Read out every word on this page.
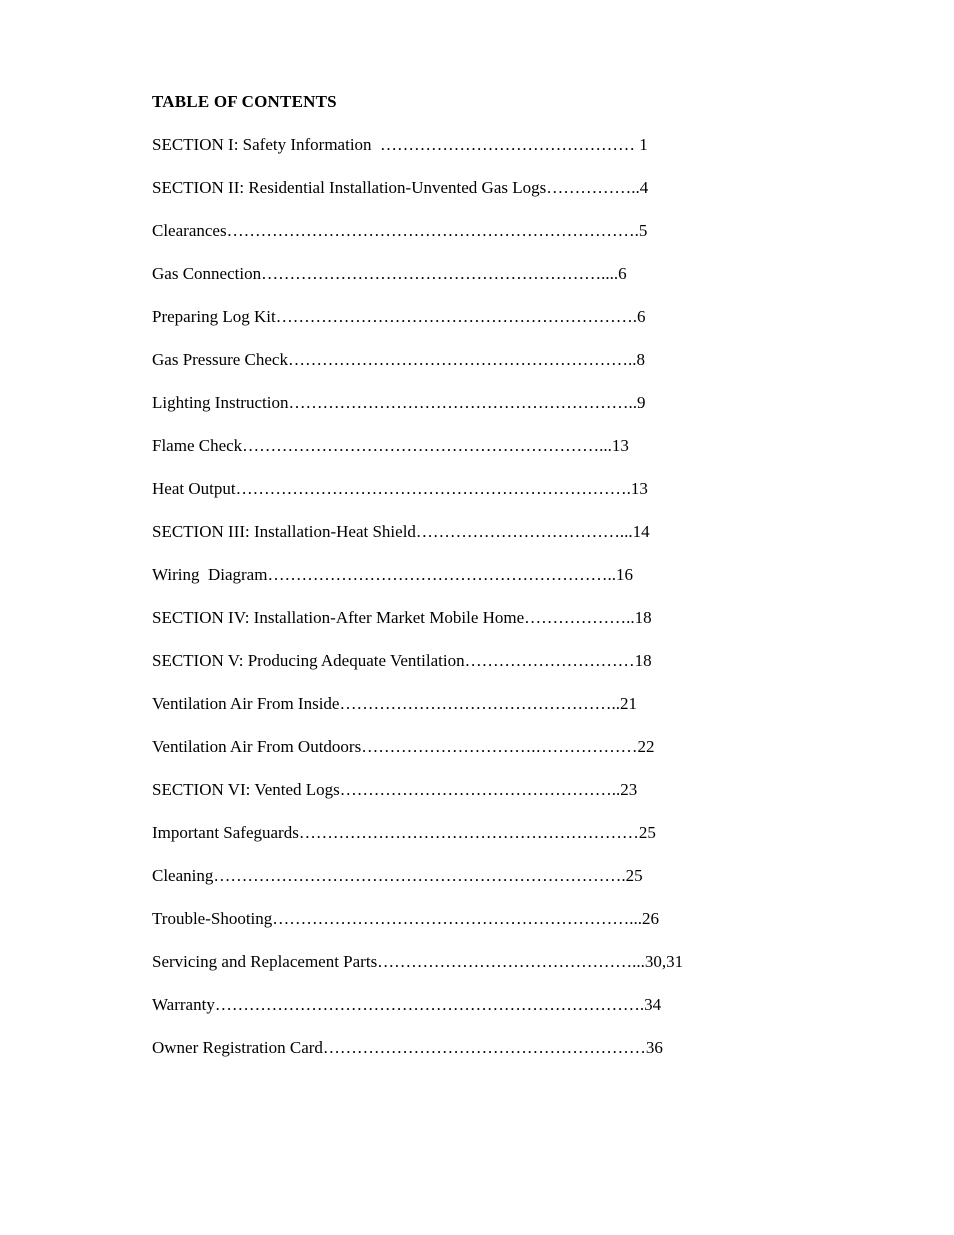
TABLE OF CONTENTS
SECTION I: Safety Information  ……………………………………… 1
SECTION II: Residential Installation-Unvented Gas Logs……………..4
Clearances……………………………………………………………….5
Gas Connection……………………………………………………....6
Preparing Log Kit……………………………………………………….6
Gas Pressure Check……………………………………………………..8
Lighting Instruction……………………………………………………..9
Flame Check………………………………………………………...13
Heat Output…………………………………………………………….13
SECTION III: Installation-Heat Shield………………………………...14
Wiring  Diagram……………………………………………………..16
SECTION IV: Installation-After Market Mobile Home………………..18
SECTION V: Producing Adequate Ventilation…………………………18
Ventilation Air From Inside…………………………………………..21
Ventilation Air From Outdoors………………………….………………22
SECTION VI: Vented Logs…………………………………………..23
Important Safeguards……………………………………………………25
Cleaning……………………………………………………………….25
Trouble-Shooting………………………………………………………...26
Servicing and Replacement Parts………………………………………...30,31
Warranty………………………………………………………………….34
Owner Registration Card…………………………………………………36
